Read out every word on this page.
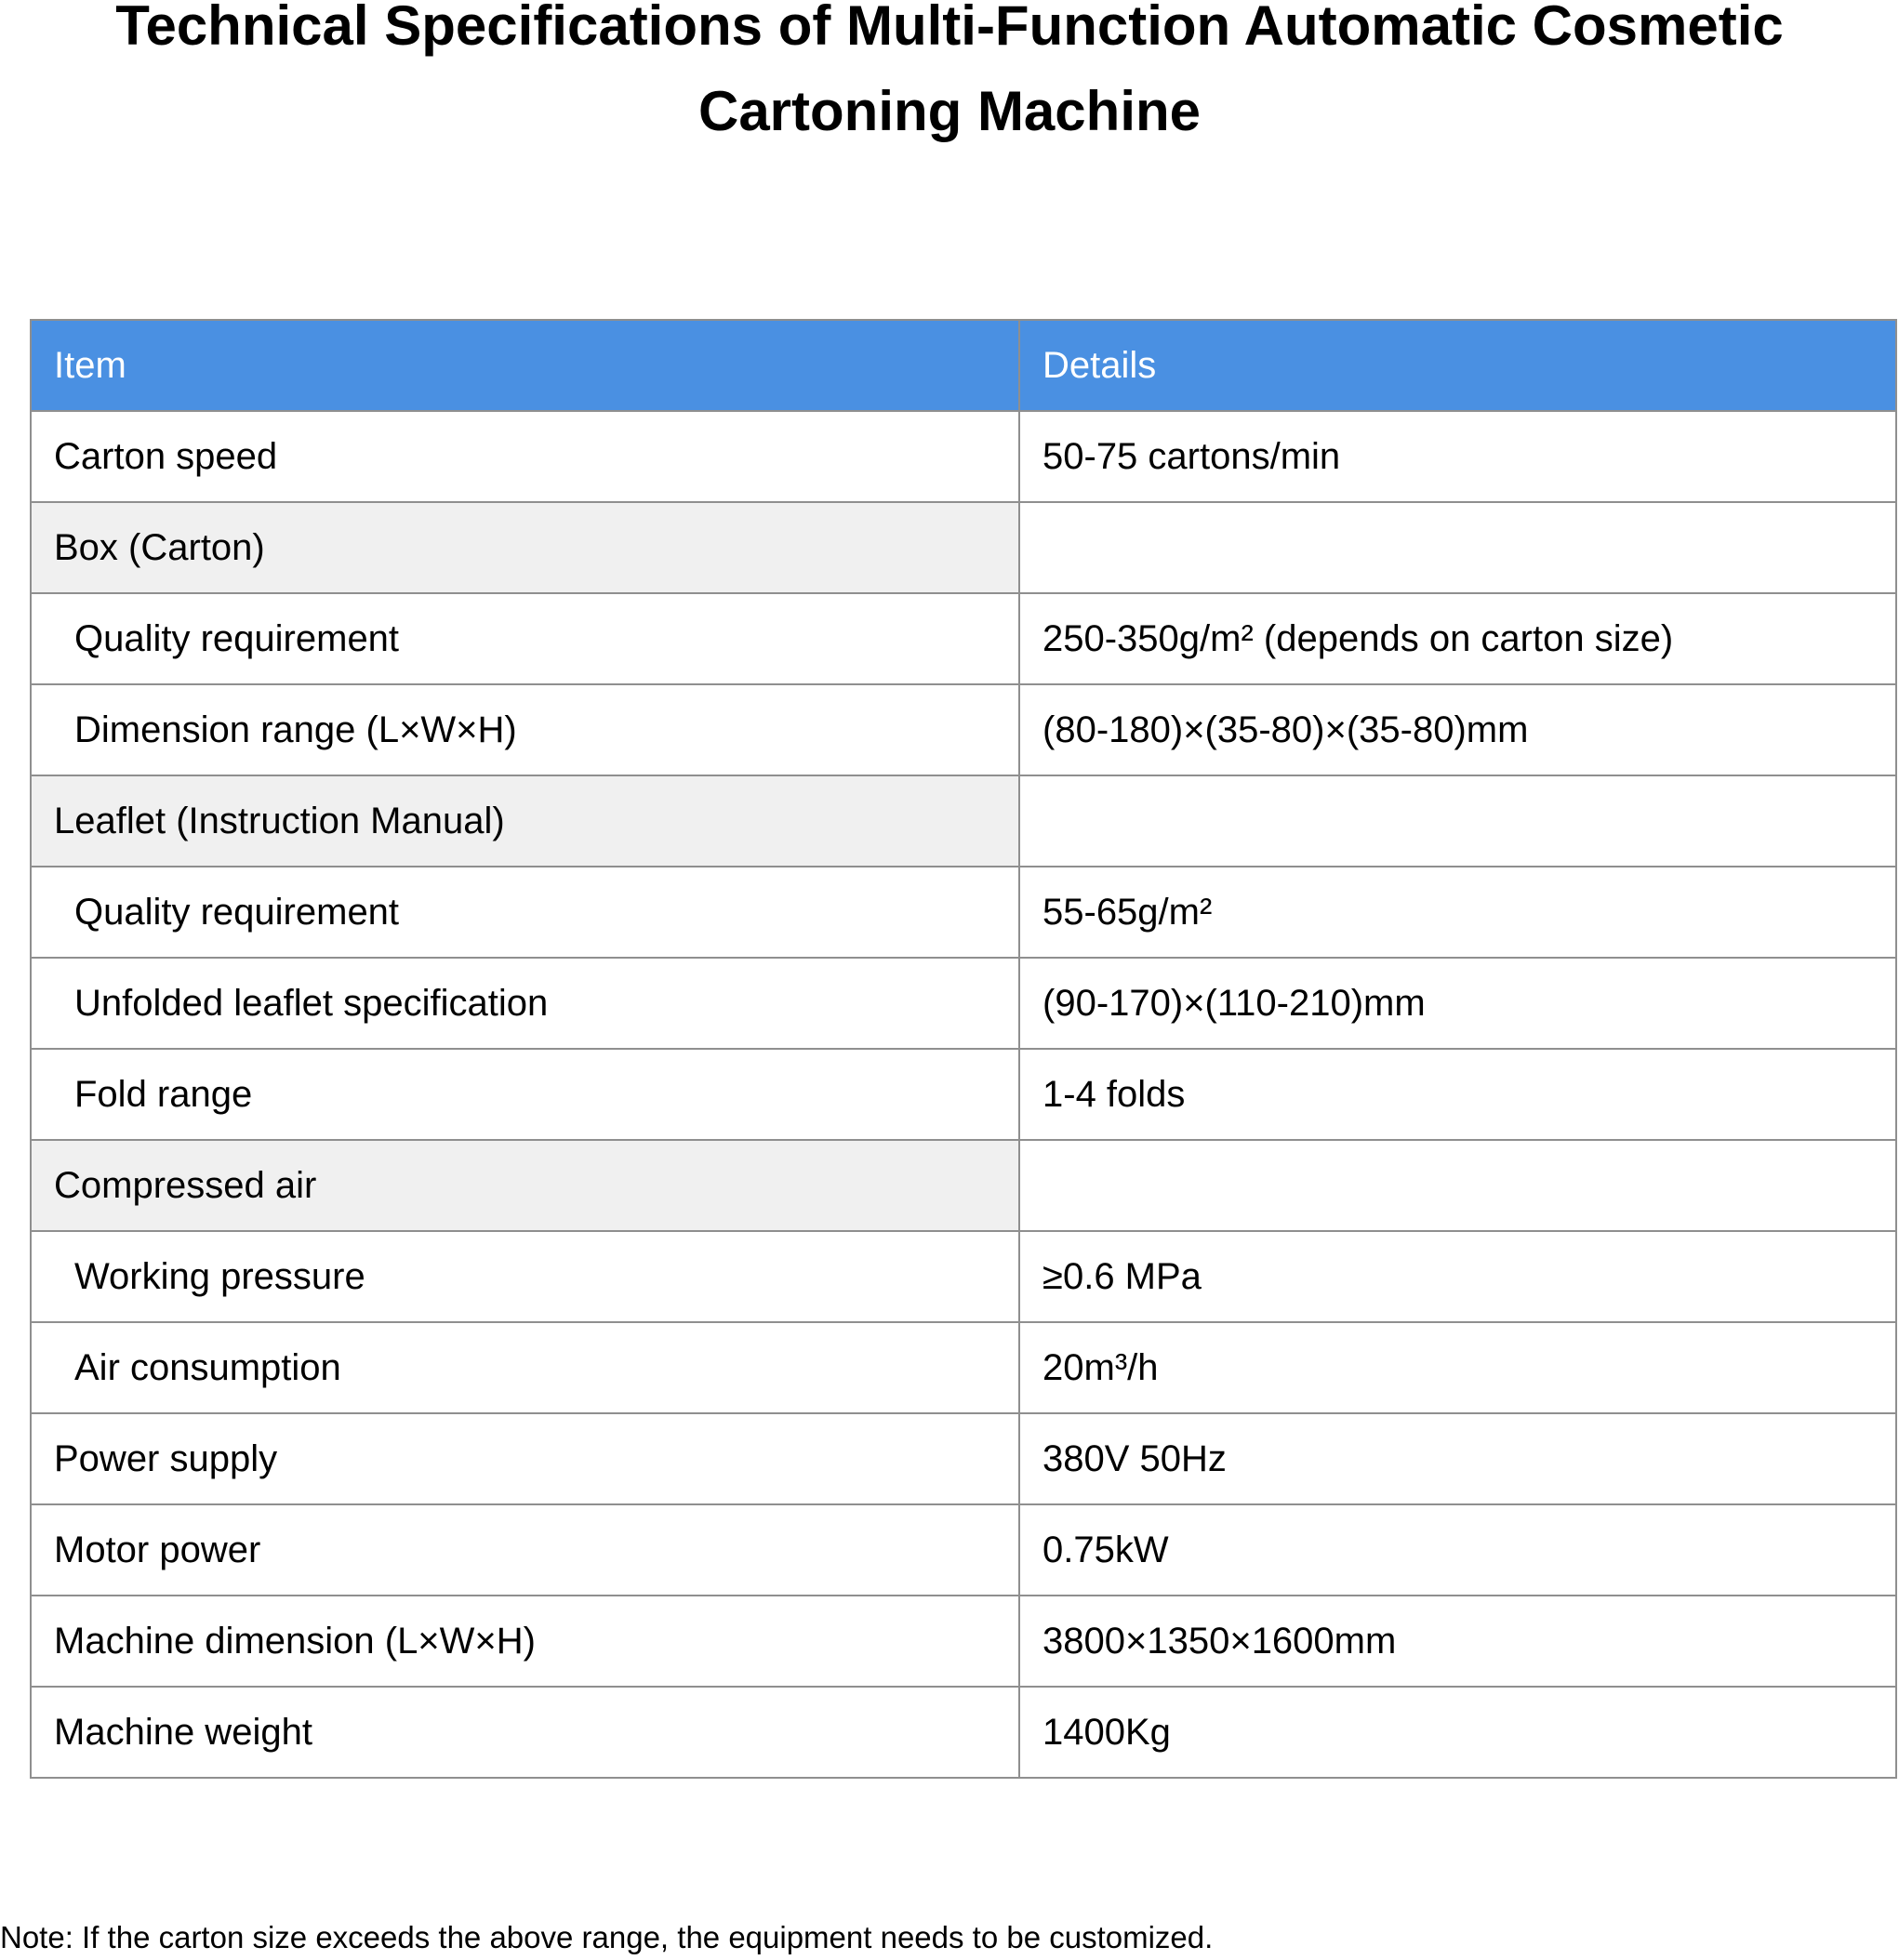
Technical Specifications of Multi-Function Automatic Cosmetic Cartoning Machine
Item	Details
Carton speed	50-75 cartons/min
Box (Carton)	
Quality requirement	250-350g/m² (depends on carton size)
Dimension range (L×W×H)	(80-180)×(35-80)×(35-80)mm
Leaflet (Instruction Manual)	
Quality requirement	55-65g/m²
Unfolded leaflet specification	(90-170)×(110-210)mm
Fold range	1-4 folds
Compressed air	
Working pressure	≥0.6 MPa
Air consumption	20m³/h
Power supply	380V 50Hz
Motor power	0.75kW
Machine dimension (L×W×H)	3800×1350×1600mm
Machine weight	1400Kg
Note: If the carton size exceeds the above range, the equipment needs to be customized.
